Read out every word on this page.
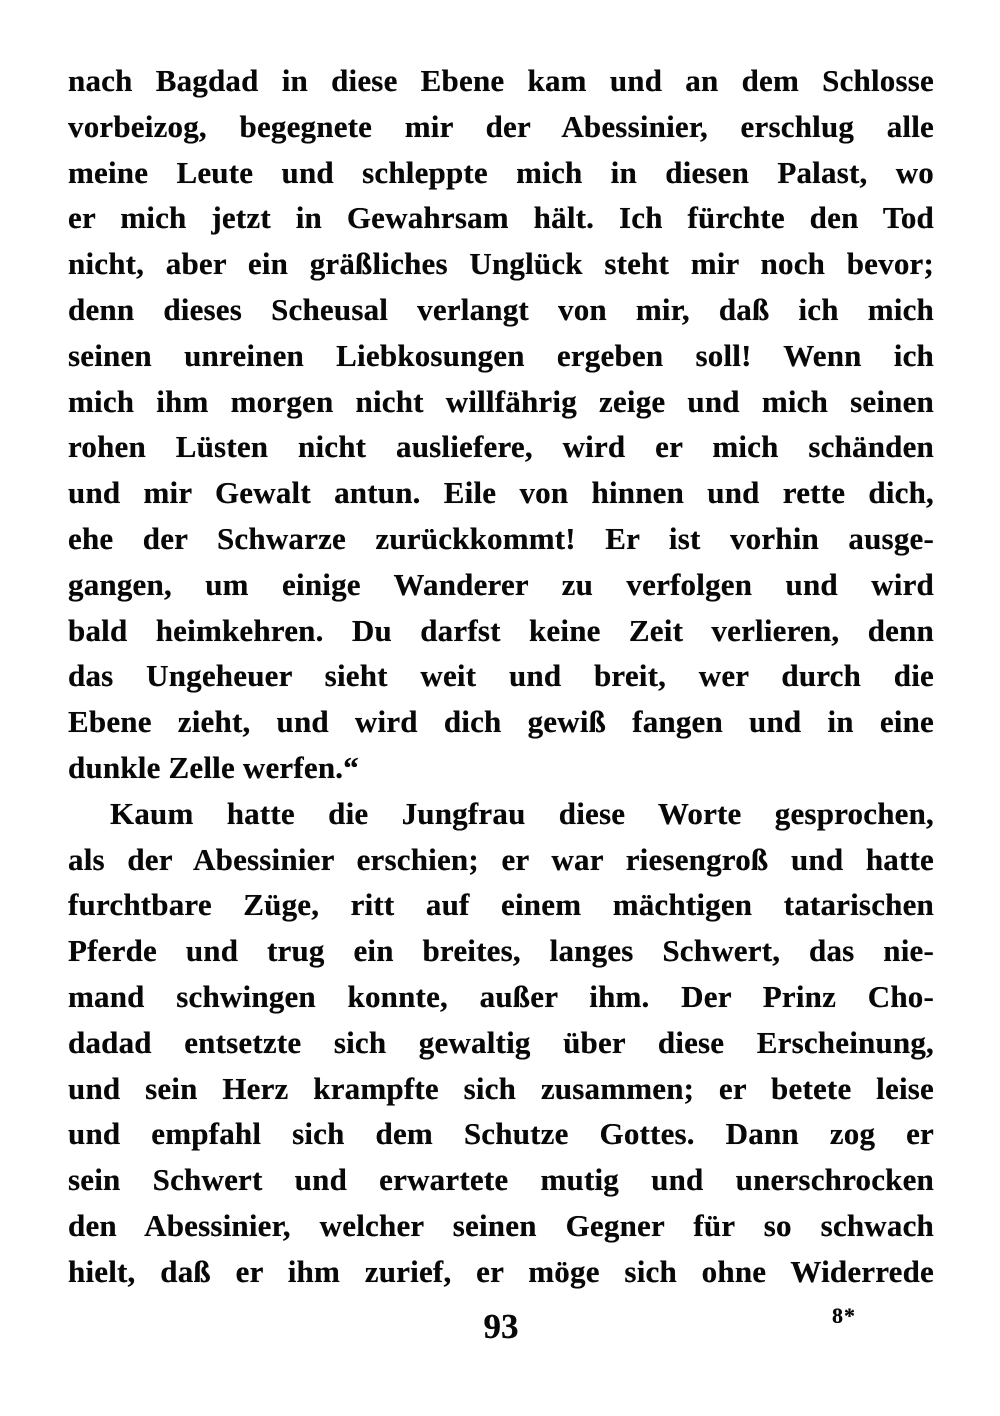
nach Bagdad in diese Ebene kam und an dem Schlosse
vorbeizog, begegnete mir der Abessinier, erschlug alle
meine Leute und schleppte mich in diesen Palast, wo
er mich jetzt in Gewahrsam hält. Ich fürchte den Tod
nicht, aber ein gräßliches Unglück steht mir noch bevor;
denn dieses Scheusal verlangt von mir, daß ich mich
seinen unreinen Liebkosungen ergeben soll! Wenn ich
mich ihm morgen nicht willfährig zeige und mich seinen
rohen Lüsten nicht ausliefere, wird er mich schänden
und mir Gewalt antun. Eile von hinnen und rette dich,
ehe der Schwarze zurückkommt! Er ist vorhin ausge-
gangen, um einige Wanderer zu verfolgen und wird
bald heimkehren. Du darfst keine Zeit verlieren, denn
das Ungeheuer sieht weit und breit, wer durch die
Ebene zieht, und wird dich gewiß fangen und in eine
dunkle Zelle werfen.“
Kaum hatte die Jungfrau diese Worte gesprochen,
als der Abessinier erschien; er war riesengroß und hatte
furchtbare Züge, ritt auf einem mächtigen tatarischen
Pferde und trug ein breites, langes Schwert, das nie-
mand schwingen konnte, außer ihm. Der Prinz Cho-
dadad entsetzte sich gewaltig über diese Erscheinung,
und sein Herz krampfte sich zusammen; er betete leise
und empfahl sich dem Schutze Gottes. Dann zog er
sein Schwert und erwartete mutig und unerschrocken
den Abessinier, welcher seinen Gegner für so schwach
hielt, daß er ihm zurief, er möge sich ohne Widerrede
93	8*
